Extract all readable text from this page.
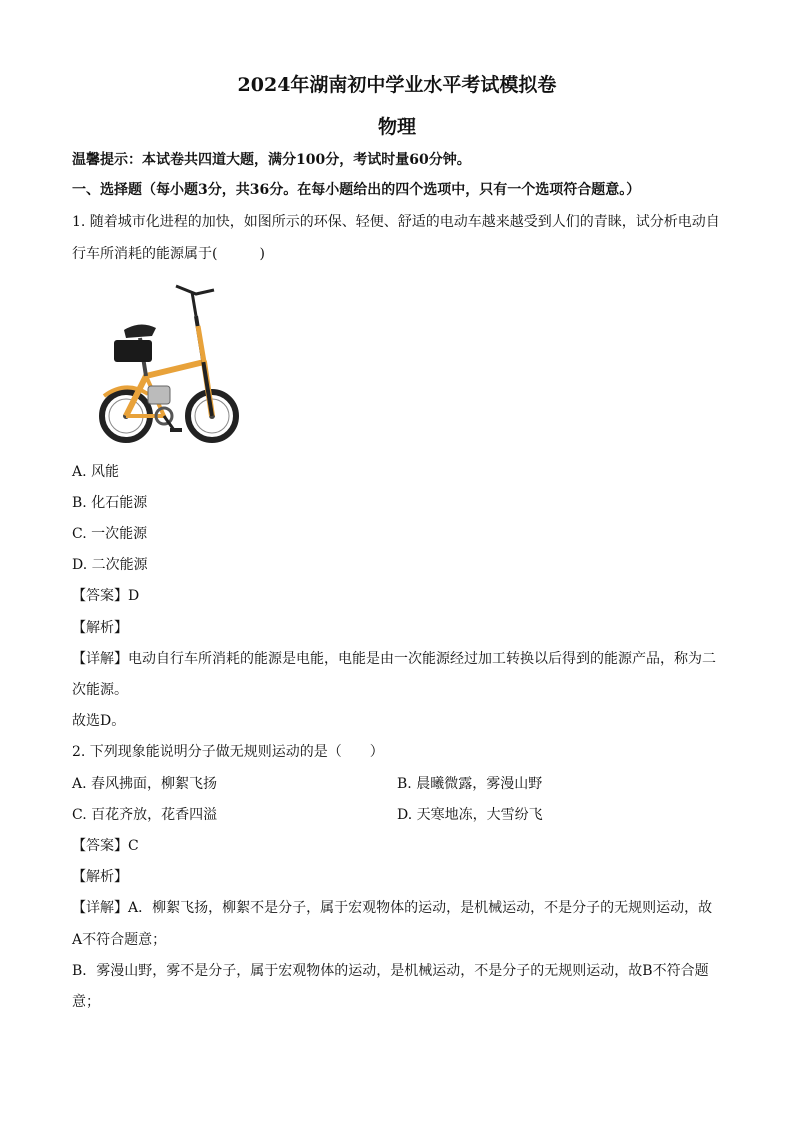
2024年湖南初中学业水平考试模拟卷
物理
温馨提示：本试卷共四道大题，满分100分，考试时量60分钟。
一、选择题（每小题3分，共36分。在每小题给出的四个选项中，只有一个选项符合题意。）
1. 随着城市化进程的加快，如图所示的环保、轻便、舒适的电动车越来越受到人们的青睐，试分析电动自
行车所消耗的能源属于(　　　)
A. 风能
B. 化石能源
C. 一次能源
D. 二次能源
【答案】D
【解析】
【详解】电动自行车所消耗的能源是电能，电能是由一次能源经过加工转换以后得到的能源产品，称为二
次能源。
故选D。
2. 下列现象能说明分子做无规则运动的是（　　）
A. 春风拂面，柳絮飞扬	B. 晨曦微露，雾漫山野
C. 百花齐放，花香四溢	D. 天寒地冻，大雪纷飞
【答案】C
【解析】
【详解】A．柳絮飞扬，柳絮不是分子，属于宏观物体的运动，是机械运动，不是分子的无规则运动，故
A不符合题意；
B．雾漫山野，雾不是分子，属于宏观物体的运动，是机械运动，不是分子的无规则运动，故B不符合题
意；
